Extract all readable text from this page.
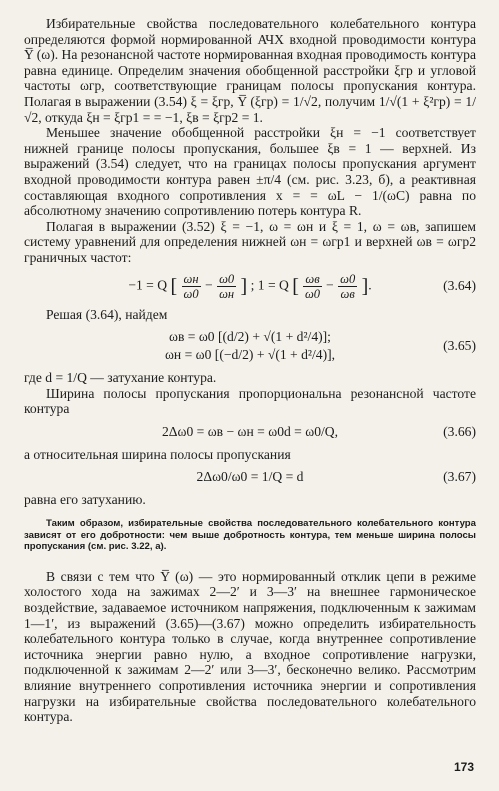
Избирательные свойства последовательного колебательного контура определяются формой нормированной АЧХ входной проводимости контура Y̅ (ω). На резонансной частоте нормированная входная проводимость контура равна единице. Определим значения обобщенной расстройки ξгр и угловой частоты ωгр, соответствующие границам полосы пропускания контура. Полагая в выражении (3.54) ξ = ξгр, Y̅ (ξгр) = 1/√2, получим 1/√(1 + ξ²гр) = 1/√2, откуда ξн = ξгр1 = = −1, ξв = ξгр2 = 1.

Меньшее значение обобщенной расстройки ξн = −1 соответствует нижней границе полосы пропускания, большее ξв = 1 — верхней. Из выражений (3.54) следует, что на границах полосы пропускания аргумент входной проводимости контура равен ±π/4 (см. рис. 3.23, б), а реактивная составляющая входного сопротивления x = = ωL − 1/(ωC) равна по абсолютному значению сопротивлению потерь контура R.

Полагая в выражении (3.52) ξ = −1, ω = ωн и ξ = 1, ω = ωв, запишем систему уравнений для определения нижней ωн = ωгр1 и верхней ωв = ωгр2 граничных частот:

−1 = Q [ $\frac{\omega н}{\omega 0} - \frac{\omega 0}{\omega н}$ ] ; 1 = Q [ $\frac{\omega в}{\omega 0} - \frac{\omega 0}{\omega в}$ ].	(3.64)

Решая (3.64), найдем

ωв = ω0 [(d/2) + √(1 + d²/4)];
ωн = ω0 [(−d/2) + √(1 + d²/4)],
(3.65)

где d = 1/Q — затухание контура.

Ширина полосы пропускания пропорциональна резонансной частоте контура

2Δω0 = ωв − ωн = ω0d = ω0/Q,	(3.66)

а относительная ширина полосы пропускания

2Δω0/ω0 = 1/Q = d	(3.67)

равна его затуханию.

Таким образом, избирательные свойства последовательного колебательного контура зависят от его добротности: чем выше добротность контура, тем меньше ширина полосы пропускания (см. рис. 3.22, а).

В связи с тем что Y̅ (ω) — это нормированный отклик цепи в режиме холостого хода на зажимах 2—2′ и 3—3′ на внешнее гармоническое воздействие, задаваемое источником напряжения, подключенным к зажимам 1—1′, из выражений (3.65)—(3.67) можно определить избирательность колебательного контура только в случае, когда внутреннее сопротивление источника энергии равно нулю, а входное сопротивление нагрузки, подключенной к зажимам 2—2′ или 3—3′, бесконечно велико. Рассмотрим влияние внутреннего сопротивления источника энергии и сопротивления нагрузки на избирательные свойства последовательного колебательного контура.

173
